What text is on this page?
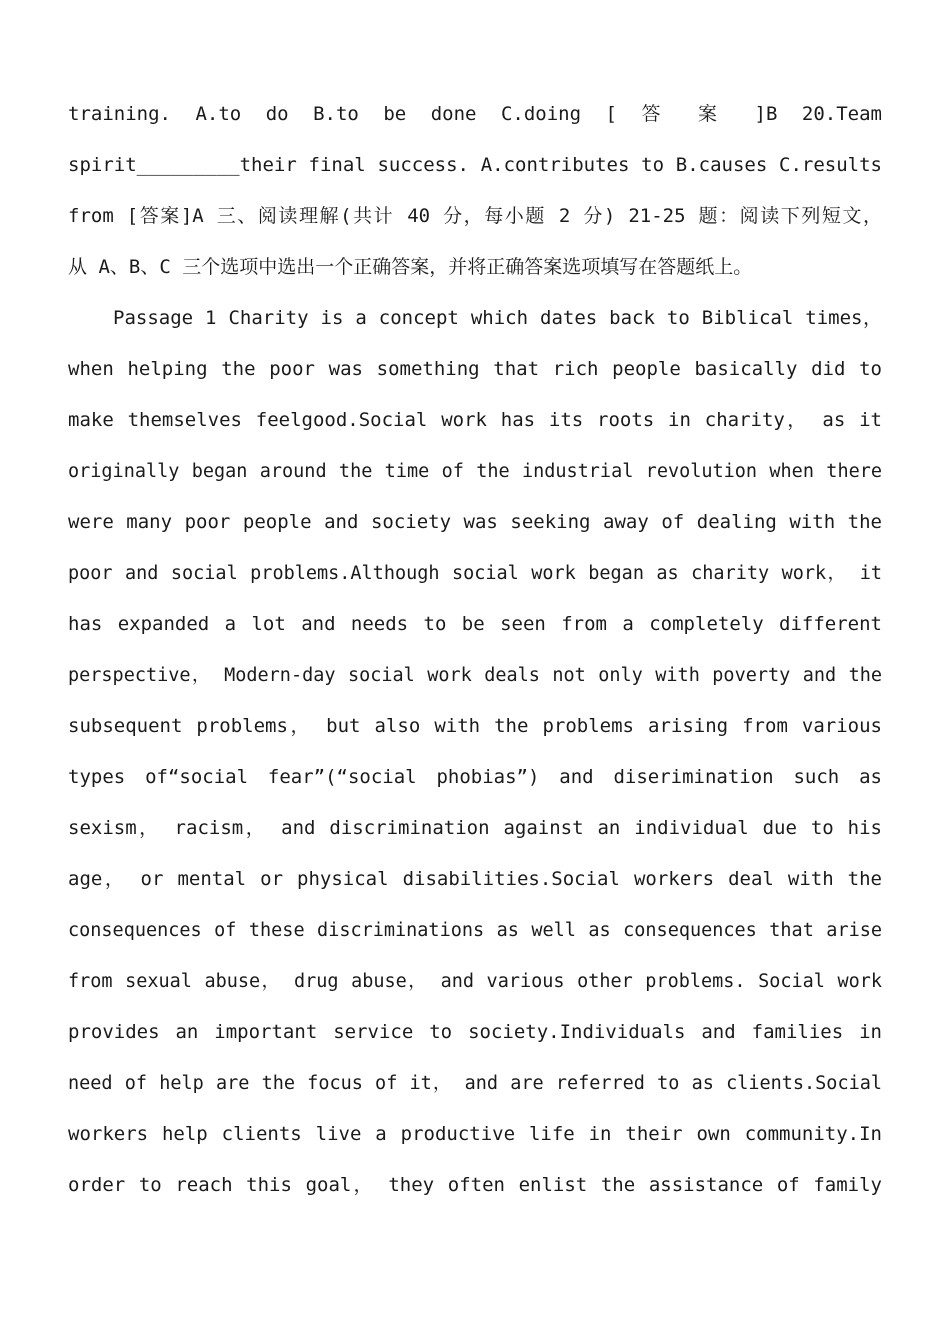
training. A.to do B.to be done C.doing [ 答 案 ]B 20.Team
spirit_________their final success. A.contributes to B.causes C.results
from [答案]A 三、阅读理解(共计 40 分，每小题 2 分) 21-25 题：阅读下列短文，
从 A、B、C 三个选项中选出一个正确答案，并将正确答案选项填写在答题纸上。
Passage 1 Charity is a concept which dates back to Biblical times，
when helping the poor was something that rich people basically did to
make themselves feelgood.Social work has its roots in charity， as it
originally began around the time of the industrial revolution when there
were many poor people and society was seeking away of dealing with the
poor and social problems.Although social work began as charity work， it
has expanded a lot and needs to be seen from a completely different
perspective， Modern-day social work deals not only with poverty and the
subsequent problems， but also with the problems arising from various
types of“social fear”(“social phobias”) and diserimination such as
sexism， racism， and discrimination against an individual due to his
age， or mental or physical disabilities.Social workers deal with the
consequences of these discriminations as well as consequences that arise
from sexual abuse， drug abuse， and various other problems. Social work
provides an important service to society.Individuals and families in
need of help are the focus of it， and are referred to as clients.Social
workers help clients live a productive life in their own community.In
order to reach this goal， they often enlist the assistance of family
